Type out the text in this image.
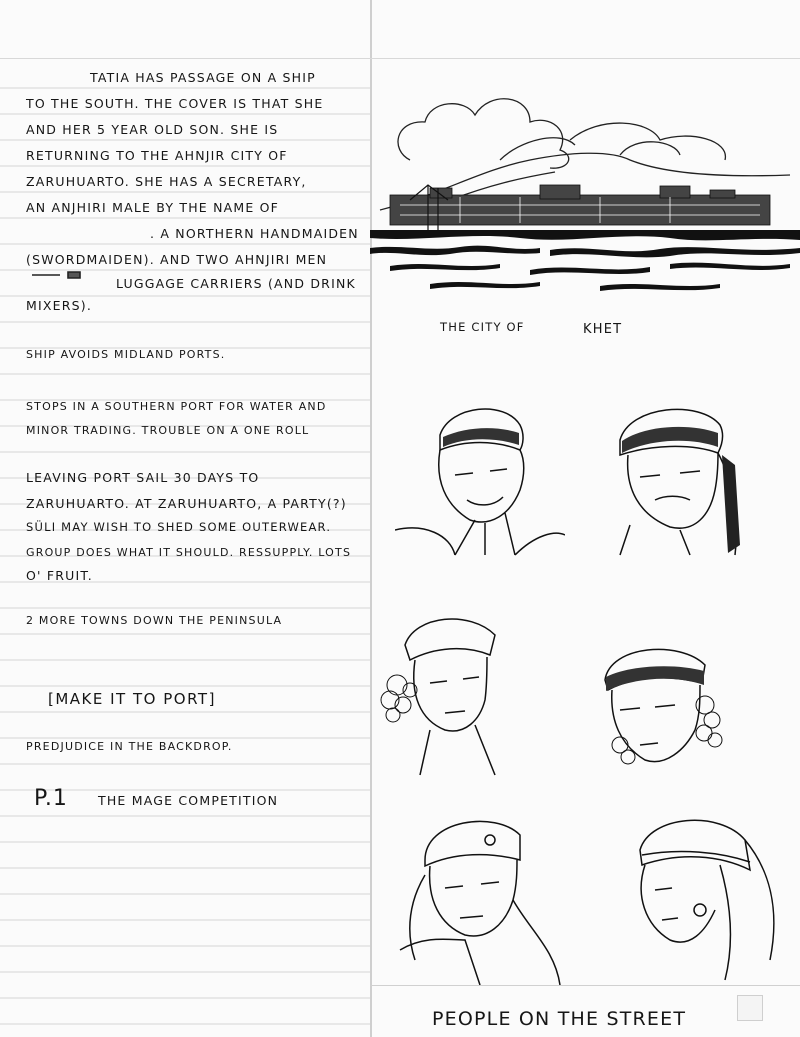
TATIA HAS PASSAGE ON A SHIP
TO THE SOUTH. THE COVER IS THAT SHE
AND HER 5 YEAR OLD SON. SHE IS
RETURNING TO THE AHNJIR CITY OF
ZARUHUARTO. SHE HAS A SECRETARY,
AN ANJHIRI MALE BY THE NAME OF
. A NORTHERN HANDMAIDEN
(SWORDMAIDEN). AND TWO AHNJIRI MEN
LUGGAGE CARRIERS (AND DRINK
MIXERS).
SHIP AVOIDS MIDLAND PORTS.
STOPS IN A SOUTHERN PORT FOR WATER AND
MINOR TRADING. TROUBLE ON A ONE ROLL
LEAVING PORT SAIL 30 DAYS TO
ZARUHUARTO. AT ZARUHUARTO, A PARTY(?)
SÜLI MAY WISH TO SHED SOME OUTERWEAR.
GROUP DOES WHAT IT SHOULD. RESSUPPLY. LOTS
O' FRUIT.
2 MORE TOWNS DOWN THE PENINSULA
[MAKE IT TO PORT]
PREDJUDICE IN THE BACKDROP.
P.1 THE MAGE COMPETITION
THE CITY OF	KHET
PEOPLE ON THE STREET
